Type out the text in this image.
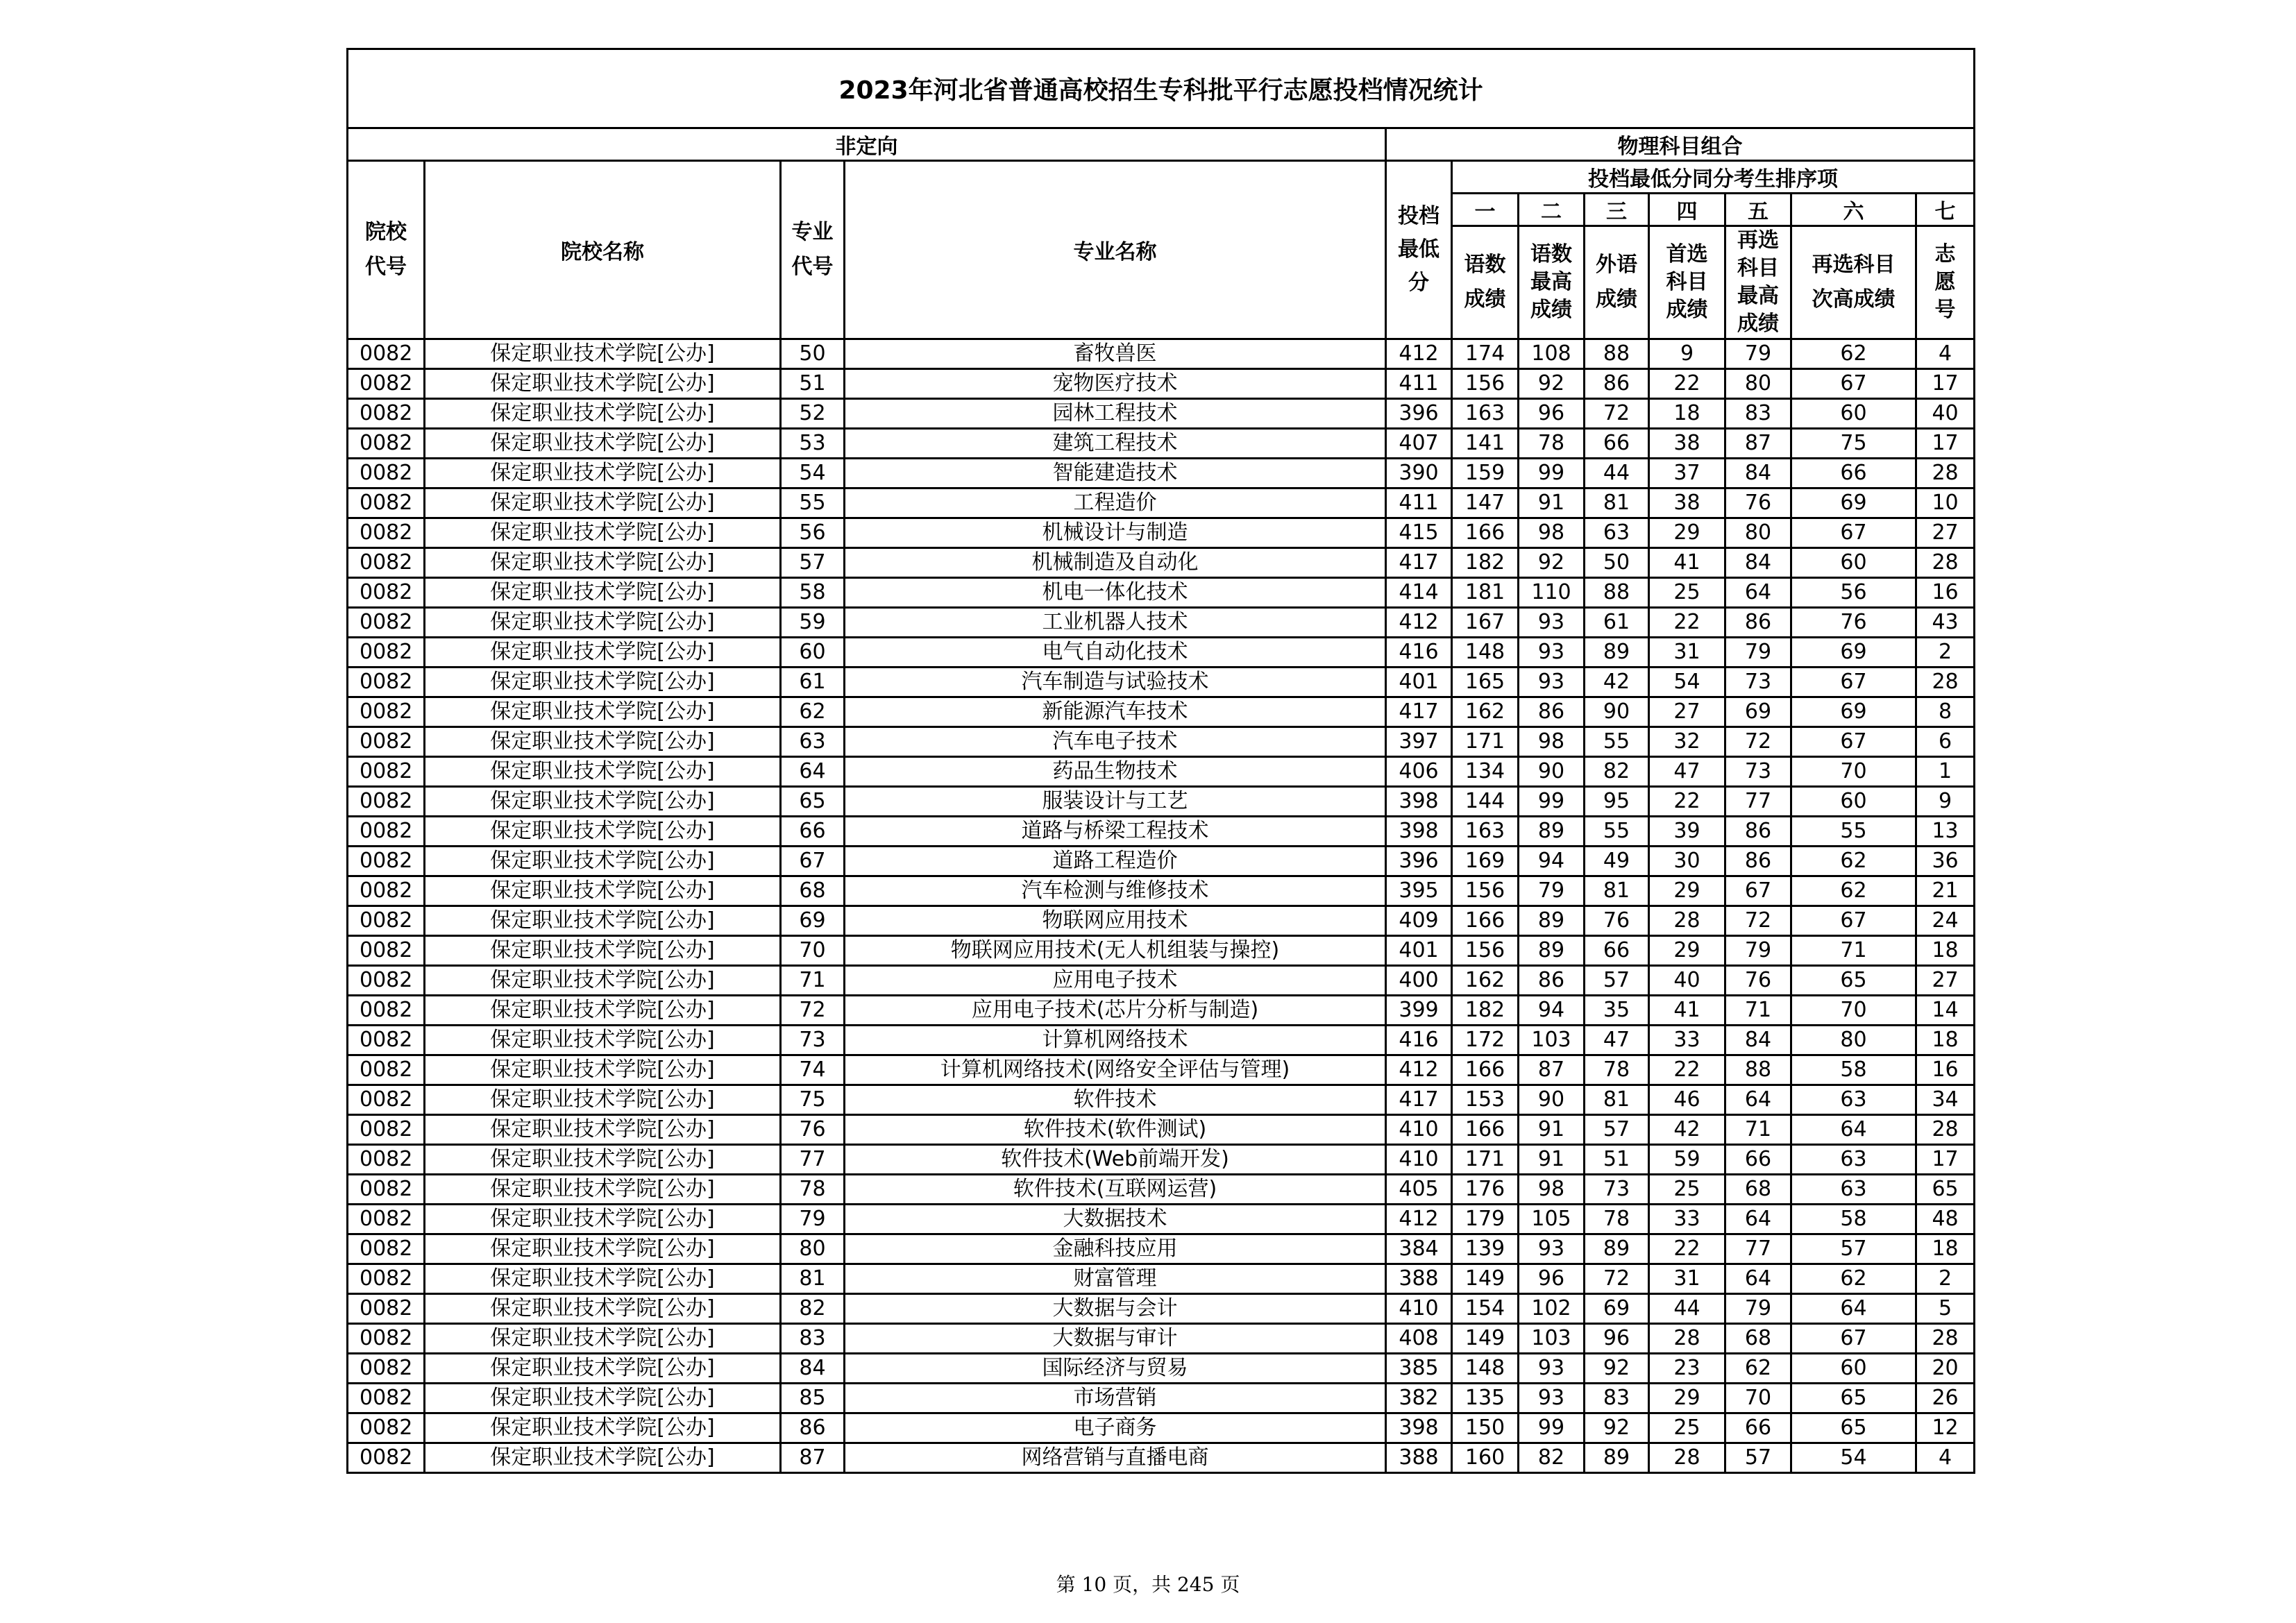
2023年河北省普通高校招生专科批平行志愿投档情况统计											
非定向				物理科目组合							
院校代号	院校名称	专业代号	专业名称	投档最低分	投档最低分同分考生排序项						
					一	二	三	四	五	六	七
					语数成绩	语数最高成绩	外语成绩	首选科目成绩	再选科目最高成绩	再选科目次高成绩	志愿号
0082	保定职业技术学院[公办]	50	畜牧兽医	412	174	108	88	9	79	62	4
0082	保定职业技术学院[公办]	51	宠物医疗技术	411	156	92	86	22	80	67	17
0082	保定职业技术学院[公办]	52	园林工程技术	396	163	96	72	18	83	60	40
0082	保定职业技术学院[公办]	53	建筑工程技术	407	141	78	66	38	87	75	17
0082	保定职业技术学院[公办]	54	智能建造技术	390	159	99	44	37	84	66	28
0082	保定职业技术学院[公办]	55	工程造价	411	147	91	81	38	76	69	10
0082	保定职业技术学院[公办]	56	机械设计与制造	415	166	98	63	29	80	67	27
0082	保定职业技术学院[公办]	57	机械制造及自动化	417	182	92	50	41	84	60	28
0082	保定职业技术学院[公办]	58	机电一体化技术	414	181	110	88	25	64	56	16
0082	保定职业技术学院[公办]	59	工业机器人技术	412	167	93	61	22	86	76	43
0082	保定职业技术学院[公办]	60	电气自动化技术	416	148	93	89	31	79	69	2
0082	保定职业技术学院[公办]	61	汽车制造与试验技术	401	165	93	42	54	73	67	28
0082	保定职业技术学院[公办]	62	新能源汽车技术	417	162	86	90	27	69	69	8
0082	保定职业技术学院[公办]	63	汽车电子技术	397	171	98	55	32	72	67	6
0082	保定职业技术学院[公办]	64	药品生物技术	406	134	90	82	47	73	70	1
0082	保定职业技术学院[公办]	65	服装设计与工艺	398	144	99	95	22	77	60	9
0082	保定职业技术学院[公办]	66	道路与桥梁工程技术	398	163	89	55	39	86	55	13
0082	保定职业技术学院[公办]	67	道路工程造价	396	169	94	49	30	86	62	36
0082	保定职业技术学院[公办]	68	汽车检测与维修技术	395	156	79	81	29	67	62	21
0082	保定职业技术学院[公办]	69	物联网应用技术	409	166	89	76	28	72	67	24
0082	保定职业技术学院[公办]	70	物联网应用技术(无人机组装与操控)	401	156	89	66	29	79	71	18
0082	保定职业技术学院[公办]	71	应用电子技术	400	162	86	57	40	76	65	27
0082	保定职业技术学院[公办]	72	应用电子技术(芯片分析与制造)	399	182	94	35	41	71	70	14
0082	保定职业技术学院[公办]	73	计算机网络技术	416	172	103	47	33	84	80	18
0082	保定职业技术学院[公办]	74	计算机网络技术(网络安全评估与管理)	412	166	87	78	22	88	58	16
0082	保定职业技术学院[公办]	75	软件技术	417	153	90	81	46	64	63	34
0082	保定职业技术学院[公办]	76	软件技术(软件测试)	410	166	91	57	42	71	64	28
0082	保定职业技术学院[公办]	77	软件技术(Web前端开发)	410	171	91	51	59	66	63	17
0082	保定职业技术学院[公办]	78	软件技术(互联网运营)	405	176	98	73	25	68	63	65
0082	保定职业技术学院[公办]	79	大数据技术	412	179	105	78	33	64	58	48
0082	保定职业技术学院[公办]	80	金融科技应用	384	139	93	89	22	77	57	18
0082	保定职业技术学院[公办]	81	财富管理	388	149	96	72	31	64	62	2
0082	保定职业技术学院[公办]	82	大数据与会计	410	154	102	69	44	79	64	5
0082	保定职业技术学院[公办]	83	大数据与审计	408	149	103	96	28	68	67	28
0082	保定职业技术学院[公办]	84	国际经济与贸易	385	148	93	92	23	62	60	20
0082	保定职业技术学院[公办]	85	市场营销	382	135	93	83	29	70	65	26
0082	保定职业技术学院[公办]	86	电子商务	398	150	99	92	25	66	65	12
0082	保定职业技术学院[公办]	87	网络营销与直播电商	388	160	82	89	28	57	54	4
第 10 页，共 245 页
